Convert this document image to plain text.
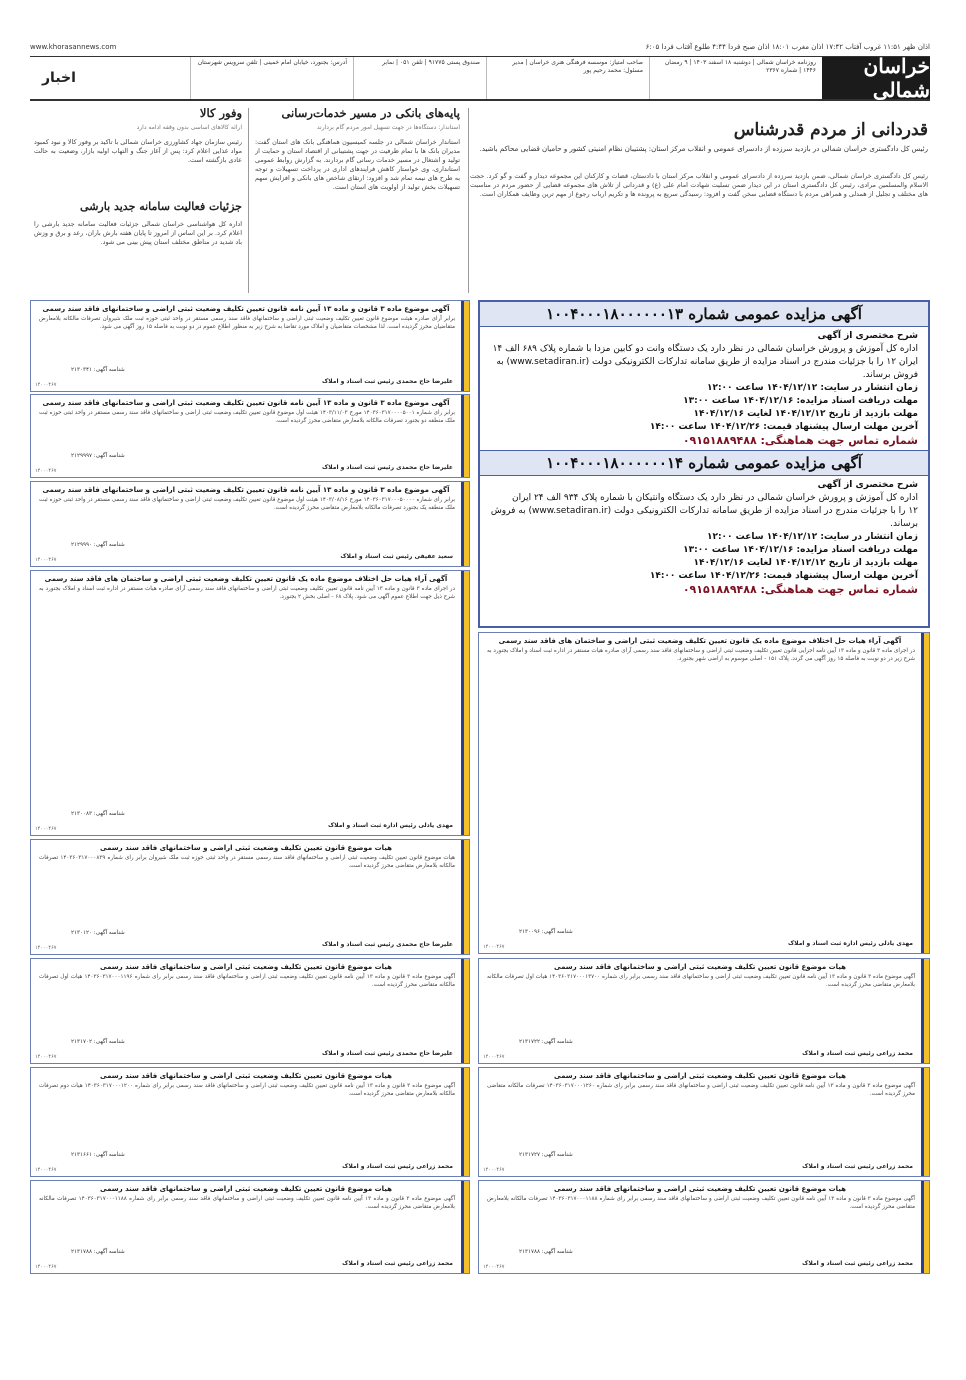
www.khorasannews.com	اذان ظهر ۱۱:۵۱ غروب آفتاب ۱۷:۴۲ اذان مغرب ۱۸:۰۱ اذان صبح فردا ۴:۴۴ طلوع آفتاب فردا ۶:۰۵
خراسان شمالی
روزنامه خراسان شمالی | دوشنبه ۱۸ اسفند ۱۴۰۳ | ۹ رمضان ۱۴۴۶ | شماره ۲۳۶۷
صاحب امتیاز: موسسه فرهنگی هنری خراسان | مدیر مسئول: محمد رحیم پور
صندوق پستی ۹۱۷۷۵ | تلفن ۰۵۱ | نمابر
آدرس: بجنورد، خیابان امام خمینی | تلفن سرویس شهرستان
اخبار
قدردانی از مردم قدرشناس
رئیس کل دادگستری خراسان شمالی در بازدید سرزده از دادسرای عمومی و انقلاب مرکز استان: پشتیبان نظام امنیتی کشور و حامیان قضایی محاکم باشید.
رئیس کل دادگستری خراسان شمالی، ضمن بازدید سرزده از دادسرای عمومی و انقلاب مرکز استان با دادستان، قضات و کارکنان این مجموعه دیدار و گفت و گو کرد. حجت الاسلام والمسلمین مرادی، رئیس کل دادگستری استان در این دیدار ضمن تسلیت شهادت امام علی (ع) و قدردانی از تلاش های مجموعه قضایی از حضور مردم در مناسبت های مختلف و تجلیل از همدلی و همراهی مردم با دستگاه قضایی سخن گفت و افزود: رسیدگی سریع به پرونده ها و تکریم ارباب رجوع از مهم ترین وظایف همکاران است.
پایه‌های بانکی در مسیر خدمات‌رسانی
استاندار: دستگاه‌ها در جهت تسهیل امور مردم گام بردارند
استاندار خراسان شمالی در جلسه کمیسیون هماهنگی بانک های استان گفت: مدیران بانک ها با تمام ظرفیت در جهت پشتیبانی از اقتصاد استان و حمایت از تولید و اشتغال در مسیر خدمات رسانی گام بردارند. به گزارش روابط عمومی استانداری، وی خواستار کاهش فرایندهای اداری در پرداخت تسهیلات و توجه به طرح های نیمه تمام شد و افزود: ارتقای شاخص های بانکی و افزایش سهم تسهیلات بخش تولید از اولویت های استان است.
وفور کالا
ارائه کالاهای اساسی بدون وقفه ادامه دارد
رئیس سازمان جهاد کشاورزی خراسان شمالی با تاکید بر وفور کالا و نبود کمبود مواد غذایی اعلام کرد: پس از آغاز جنگ و التهاب اولیه بازار، وضعیت به حالت عادی بازگشته است.
جزئیات فعالیت سامانه جدید بارشی
اداره کل هواشناسی خراسان شمالی جزئیات فعالیت سامانه جدید بارشی را اعلام کرد. بر این اساس از امروز تا پایان هفته بارش باران، رعد و برق و وزش باد شدید در مناطق مختلف استان پیش بینی می شود.
آگهی مزایده عمومی شماره ۱۰۰۴۰۰۰۱۸۰۰۰۰۰۰۱۳
شرح مختصری از آگهی
اداره کل آموزش و پرورش خراسان شمالی در نظر دارد یک دستگاه وانت دو کابین مزدا با شماره پلاک ۶۸۹ الف ۱۴
ایران ۱۲ را با جزئیات مندرج در اسناد مزایده از طریق سامانه تدارکات الکترونیکی دولت (www.setadiran.ir) به فروش برساند.
زمان انتشار در سایت: ۱۴۰۴/۱۲/۱۲ ساعت ۱۲:۰۰
مهلت دریافت اسناد مزایده: ۱۴۰۴/۱۲/۱۶ ساعت ۱۳:۰۰
مهلت بازدید از تاریخ ۱۴۰۴/۱۲/۱۲ لغایت ۱۴۰۴/۱۲/۱۶
آخرین مهلت ارسال پیشنهاد قیمت: ۱۴۰۴/۱۲/۲۶ ساعت ۱۴:۰۰
شماره تماس جهت هماهنگی: ۰۹۱۵۱۸۸۹۴۸۸
آگهی مزایده عمومی شماره ۱۰۰۴۰۰۰۱۸۰۰۰۰۰۰۱۴
شرح مختصری از آگهی
اداره کل آموزش و پرورش خراسان شمالی در نظر دارد یک دستگاه وانتیکان با شماره پلاک ۹۳۴ الف ۲۴ ایران
۱۲ را با جزئیات مندرج در اسناد مزایده از طریق سامانه تدارکات الکترونیکی دولت (www.setadiran.ir) به فروش برساند.
زمان انتشار در سایت: ۱۴۰۴/۱۲/۱۲ ساعت ۱۲:۰۰
مهلت دریافت اسناد مزایده: ۱۴۰۴/۱۲/۱۶ ساعت ۱۳:۰۰
مهلت بازدید از تاریخ ۱۴۰۴/۱۲/۱۲ لغایت ۱۴۰۴/۱۲/۱۶
آخرین مهلت ارسال پیشنهاد قیمت: ۱۴۰۴/۱۲/۲۶ ساعت ۱۴:۰۰
شماره تماس جهت هماهنگی: ۰۹۱۵۱۸۸۹۴۸۸
آگهی موضوع ماده ۳ قانون و ماده ۱۳ آیین نامه قانون تعیین تکلیف وضعیت ثبتی اراضی و ساختمانهای فاقد سند رسمی
برابر آرای صادره هیئت موضوع قانون تعیین تکلیف وضعیت ثبتی اراضی و ساختمانهای فاقد سند رسمی مستقر در واحد ثبتی حوزه ثبت ملک شیروان تصرفات مالکانه بلامعارض متقاضیان محرز گردیده است. لذا مشخصات متقاضیان و املاک مورد تقاضا به شرح زیر به منظور اطلاع عموم در دو نوبت به فاصله ۱۵ روز آگهی می شود.
شناسه آگهی: ۲۱۳۰۳۴۱
علیرضا حاج محمدی رئیس ثبت اسناد و املاک
۱۴۰۰۰۴۶۷
آگهی موضوع ماده ۳ قانون و ماده ۱۳ آیین نامه قانون تعیین تکلیف وضعیت ثبتی اراضی و ساختمانهای فاقد سند رسمی
برابر رای شماره ۱۴۰۳۶۰۳۱۷۰۰۰۰۵۰۰۱ مورخ ۱۴۰۳/۱۱/۰۳ هیئت اول موضوع قانون تعیین تکلیف وضعیت ثبتی اراضی و ساختمانهای فاقد سند رسمی مستقر در واحد ثبتی حوزه ثبت ملک منطقه دو بجنورد تصرفات مالکانه بلامعارض متقاضی محرز گردیده است.
شناسه آگهی: ۲۱۲۹۹۹۷
علیرضا حاج محمدی رئیس ثبت اسناد و املاک
۱۴۰۰۰۴۶۷
آگهی موضوع ماده ۳ قانون و ماده ۱۳ آیین نامه قانون تعیین تکلیف وضعیت ثبتی اراضی و ساختمانهای فاقد سند رسمی
برابر رای شماره ۱۴۰۳۶۰۳۱۷۰۰۰۵۰۰۰۰ مورخ ۱۴۰۳/۰۸/۱۶ هیئت اول موضوع قانون تعیین تکلیف وضعیت ثبتی اراضی و ساختمانهای فاقد سند رسمی مستقر در واحد ثبتی حوزه ثبت ملک منطقه یک بجنورد تصرفات مالکانه بلامعارض متقاضی محرز گردیده است.
شناسه آگهی: ۲۱۲۹۹۹۰
سعید عفیفی رئیس ثبت اسناد و املاک
۱۴۰۰۰۴۶۷
آگهی آراء هیات حل اختلاف موضوع ماده یک قانون تعیین تکلیف وضعیت ثبتی اراضی و ساختمان های فاقد سند رسمی
در اجرای ماده ۳ قانون و ماده ۱۳ آیین نامه قانون تعیین تکلیف وضعیت ثبتی اراضی و ساختمانهای فاقد سند رسمی آرای صادره هیات مستقر در اداره ثبت اسناد و املاک بجنورد به شرح ذیل جهت اطلاع عموم آگهی می شود. پلاک ۶۸ - اصلی بخش ۲ بجنورد.
شناسه آگهی: ۲۱۳۰۰۸۳
مهدی یادلی رئیس اداره ثبت اسناد و املاک
۱۴۰۰۰۴۶۷
هیات موضوع قانون تعیین تکلیف وضعیت ثبتی اراضی و ساختمانهای فاقد سند رسمی
هیات موضوع قانون تعیین تکلیف وضعیت ثبتی اراضی و ساختمانهای فاقد سند رسمی مستقر در واحد ثبتی حوزه ثبت ملک شیروان برابر رای شماره ۱۴۰۳۶۰۳۱۷۰۰۰۸۳۹ تصرفات مالکانه بلامعارض متقاضی محرز گردیده است.
شناسه آگهی: ۲۱۳۰۱۲۰
علیرضا حاج محمدی رئیس ثبت اسناد و املاک
۱۴۰۰۰۴۶۷
هیات موضوع قانون تعیین تکلیف وضعیت ثبتی اراضی و ساختمانهای فاقد سند رسمی
آگهی موضوع ماده ۳ قانون و ماده ۱۳ آیین نامه قانون تعیین تکلیف وضعیت ثبتی اراضی و ساختمانهای فاقد سند رسمی برابر رای شماره ۱۴۰۳۶۰۳۱۷۰۰۰۱۱۹۶ هیات اول تصرفات مالکانه متقاضی محرز گردیده است.
شناسه آگهی: ۲۱۳۱۷۰۲
علیرضا حاج محمدی رئیس ثبت اسناد و املاک
۱۴۰۰۰۴۶۷
هیات موضوع قانون تعیین تکلیف وضعیت ثبتی اراضی و ساختمانهای فاقد سند رسمی
آگهی موضوع ماده ۳ قانون و ماده ۱۳ آیین نامه قانون تعیین تکلیف وضعیت ثبتی اراضی و ساختمانهای فاقد سند رسمی برابر رای شماره ۱۴۰۳۶۰۳۱۷۰۰۰۱۲۰۰ هیات دوم تصرفات مالکانه بلامعارض متقاضی محرز گردیده است.
شناسه آگهی: ۲۱۳۱۶۶۱
محمد زراعی رئیس ثبت اسناد و املاک
۱۴۰۰۰۴۶۷
هیات موضوع قانون تعیین تکلیف وضعیت ثبتی اراضی و ساختمانهای فاقد سند رسمی
آگهی موضوع ماده ۳ قانون و ماده ۱۳ آیین نامه قانون تعیین تکلیف وضعیت ثبتی اراضی و ساختمانهای فاقد سند رسمی برابر رای شماره ۱۴۰۳۶۰۳۱۷۰۰۰۱۱۸۸ تصرفات مالکانه بلامعارض متقاضی محرز گردیده است.
شناسه آگهی: ۲۱۳۱۷۸۸
محمد زراعی رئیس ثبت اسناد و املاک
۱۴۰۰۰۴۶۷
آگهی آراء هیات حل اختلاف موضوع ماده یک قانون تعیین تکلیف وضعیت ثبتی اراضی و ساختمان های فاقد سند رسمی
در اجرای ماده ۳ قانون و ماده ۱۳ آیین نامه اجرایی قانون تعیین تکلیف وضعیت ثبتی اراضی و ساختمانهای فاقد سند رسمی آرای صادره هیات مستقر در اداره ثبت اسناد و املاک بجنورد به شرح زیر در دو نوبت به فاصله ۱۵ روز آگهی می گردد. پلاک ۱۵۱ - اصلی موسوم به اراضی شهر بجنورد.
شناسه آگهی: ۲۱۳۰۰۹۶
مهدی یادلی رئیس اداره ثبت اسناد و املاک
۱۴۰۰۰۴۶۷
هیات موضوع قانون تعیین تکلیف وضعیت ثبتی اراضی و ساختمانهای فاقد سند رسمی
آگهی موضوع ماده ۳ قانون و ماده ۱۳ آیین نامه قانون تعیین تکلیف وضعیت ثبتی اراضی و ساختمانهای فاقد سند رسمی برابر رای شماره ۱۴۰۳۶۰۳۱۷۰۰۰۱۳۷۰۰ هیات اول تصرفات مالکانه بلامعارض متقاضی محرز گردیده است.
شناسه آگهی: ۲۱۳۱۷۲۲
محمد زراعی رئیس ثبت اسناد و املاک
۱۴۰۰۰۴۶۷
هیات موضوع قانون تعیین تکلیف وضعیت ثبتی اراضی و ساختمانهای فاقد سند رسمی
آگهی موضوع ماده ۳ قانون و ماده ۱۳ آیین نامه قانون تعیین تکلیف وضعیت ثبتی اراضی و ساختمانهای فاقد سند رسمی برابر رای شماره ۱۴۰۳۶۰۳۱۷۰۰۰۱۲۶۰ تصرفات مالکانه متقاضی محرز گردیده است.
شناسه آگهی: ۲۱۳۱۷۲۷
محمد زراعی رئیس ثبت اسناد و املاک
۱۴۰۰۰۴۶۷
هیات موضوع قانون تعیین تکلیف وضعیت ثبتی اراضی و ساختمانهای فاقد سند رسمی
آگهی موضوع ماده ۳ قانون و ماده ۱۳ آیین نامه قانون تعیین تکلیف وضعیت ثبتی اراضی و ساختمانهای فاقد سند رسمی برابر رای شماره ۱۴۰۳۶۰۳۱۷۰۰۰۱۱۸۸ تصرفات مالکانه بلامعارض متقاضی محرز گردیده است.
شناسه آگهی: ۲۱۳۱۷۸۸
محمد زراعی رئیس ثبت اسناد و املاک
۱۴۰۰۰۴۶۷
